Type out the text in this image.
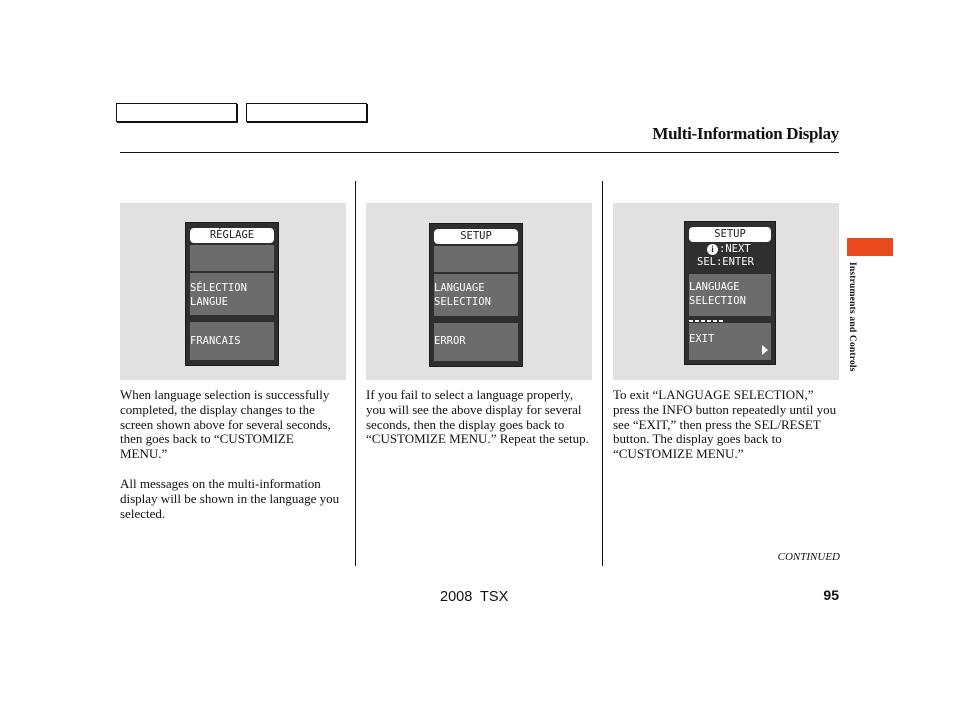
Multi-Information Display
RÉGLAGE
SÉLECTION
LANGUE
FRANCAIS
SETUP
LANGUAGE
SELECTION
ERROR
SETUP
i :NEXT
SEL:ENTER
LANGUAGE
SELECTION
EXIT

When language selection is successfully completed, the display changes to the screen shown above for several seconds, then goes back to “CUSTOMIZE MENU.”

All messages on the multi-information display will be shown in the language you selected.

If you fail to select a language properly, you will see the above display for several seconds, then the display goes back to “CUSTOMIZE MENU.” Repeat the setup.

To exit “LANGUAGE SELECTION,” press the INFO button repeatedly until you see “EXIT,” then press the SEL/RESET button. The display goes back to “CUSTOMIZE MENU.”

Instruments and Controls
CONTINUED
2008  TSX	95
